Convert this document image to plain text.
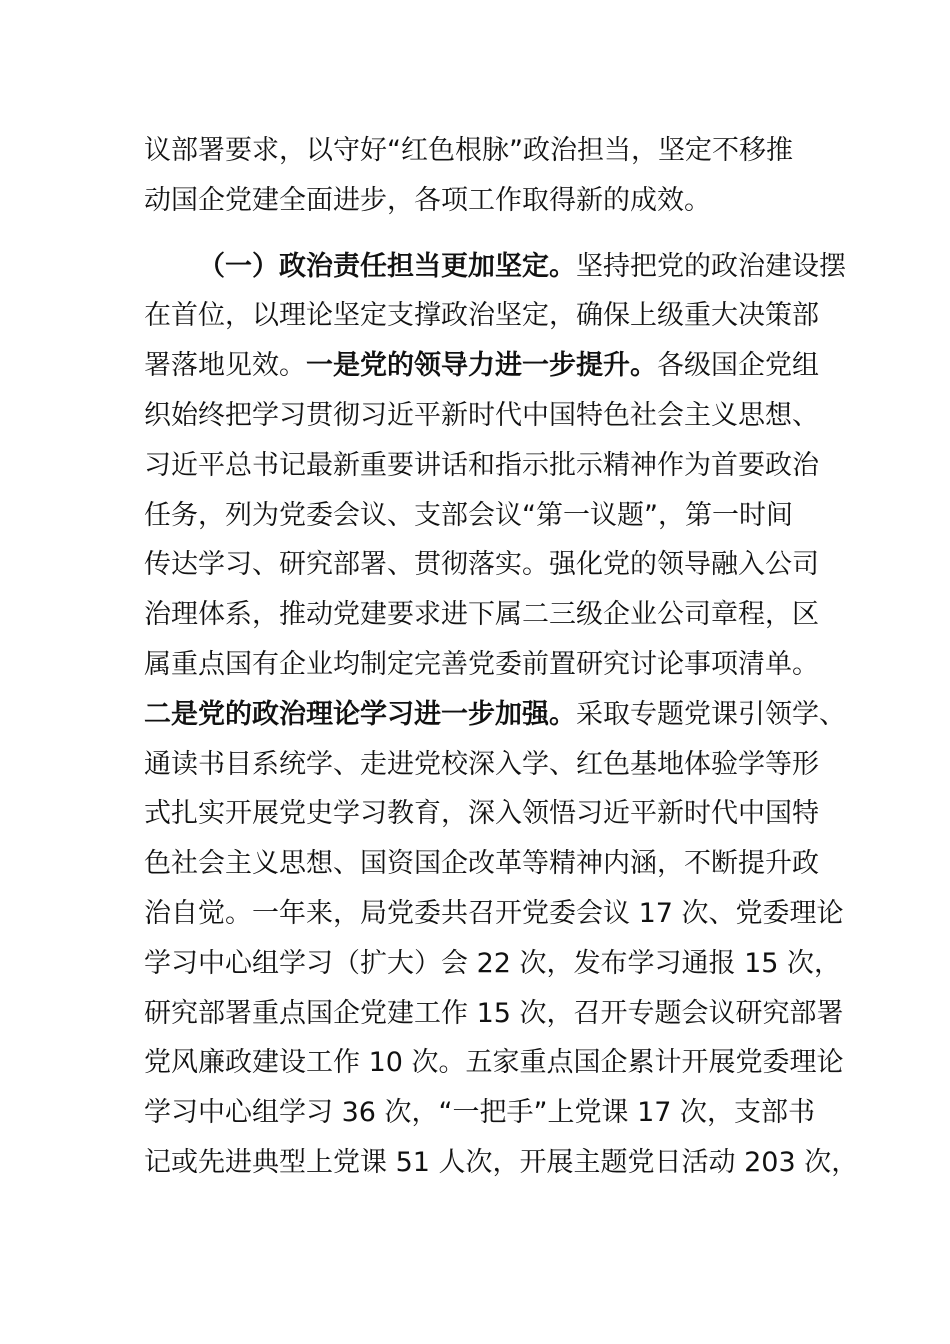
议部署要求，以守好“红色根脉”政治担当，坚定不移推
动国企党建全面进步，各项工作取得新的成效。
（一）政治责任担当更加坚定。坚持把党的政治建设摆
在首位，以理论坚定支撑政治坚定，确保上级重大决策部
署落地见效。一是党的领导力进一步提升。各级国企党组
织始终把学习贯彻习近平新时代中国特色社会主义思想、
习近平总书记最新重要讲话和指示批示精神作为首要政治
任务，列为党委会议、支部会议“第一议题”，第一时间
传达学习、研究部署、贯彻落实。强化党的领导融入公司
治理体系，推动党建要求进下属二三级企业公司章程，区
属重点国有企业均制定完善党委前置研究讨论事项清单。
二是党的政治理论学习进一步加强。采取专题党课引领学、
通读书目系统学、走进党校深入学、红色基地体验学等形
式扎实开展党史学习教育，深入领悟习近平新时代中国特
色社会主义思想、国资国企改革等精神内涵，不断提升政
治自觉。一年来，局党委共召开党委会议 17 次、党委理论
学习中心组学习（扩大）会 22 次，发布学习通报 15 次，
研究部署重点国企党建工作 15 次，召开专题会议研究部署
党风廉政建设工作 10 次。五家重点国企累计开展党委理论
学习中心组学习 36 次，“一把手”上党课 17 次，支部书
记或先进典型上党课 51 人次，开展主题党日活动 203 次，
